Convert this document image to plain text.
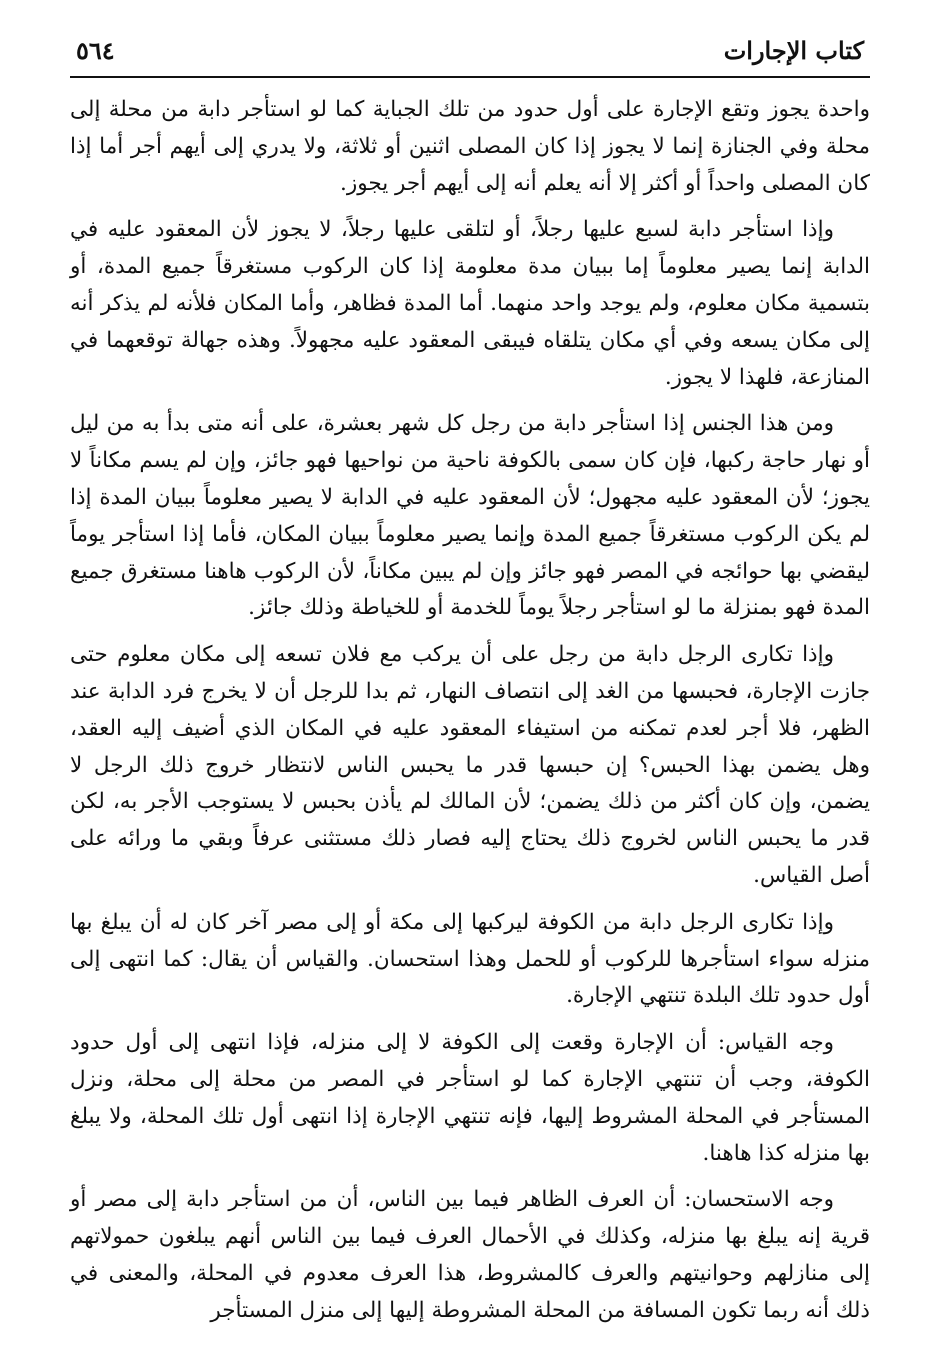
كتاب الإجارات
٥٦٤

واحدة يجوز وتقع الإجارة على أول حدود من تلك الجباية كما لو استأجر دابة من محلة إلى محلة وفي الجنازة إنما لا يجوز إذا كان المصلى اثنين أو ثلاثة، ولا يدري إلى أيهم أجر أما إذا كان المصلى واحداً أو أكثر إلا أنه يعلم أنه إلى أيهم أجر يجوز.

وإذا استأجر دابة لسبع عليها رجلاً، أو لتلقى عليها رجلاً، لا يجوز لأن المعقود عليه في الدابة إنما يصير معلوماً إما ببيان مدة معلومة إذا كان الركوب مستغرقاً جميع المدة، أو بتسمية مكان معلوم، ولم يوجد واحد منهما. أما المدة فظاهر، وأما المكان فلأنه لم يذكر أنه إلى مكان يسعه وفي أي مكان يتلقاه فيبقى المعقود عليه مجهولاً. وهذه جهالة توقعهما في المنازعة، فلهذا لا يجوز.

ومن هذا الجنس إذا استأجر دابة من رجل كل شهر بعشرة، على أنه متى بدأ به من ليل أو نهار حاجة ركبها، فإن كان سمى بالكوفة ناحية من نواحيها فهو جائز، وإن لم يسم مكاناً لا يجوز؛ لأن المعقود عليه مجهول؛ لأن المعقود عليه في الدابة لا يصير معلوماً ببيان المدة إذا لم يكن الركوب مستغرقاً جميع المدة وإنما يصير معلوماً ببيان المكان، فأما إذا استأجر يوماً ليقضي بها حوائجه في المصر فهو جائز وإن لم يبين مكاناً، لأن الركوب هاهنا مستغرق جميع المدة فهو بمنزلة ما لو استأجر رجلاً يوماً للخدمة أو للخياطة وذلك جائز.

وإذا تكارى الرجل دابة من رجل على أن يركب مع فلان تسعه إلى مكان معلوم حتى جازت الإجارة، فحبسها من الغد إلى انتصاف النهار، ثم بدا للرجل أن لا يخرج فرد الدابة عند الظهر، فلا أجر لعدم تمكنه من استيفاء المعقود عليه في المكان الذي أضيف إليه العقد، وهل يضمن بهذا الحبس؟ إن حبسها قدر ما يحبس الناس لانتظار خروج ذلك الرجل لا يضمن، وإن كان أكثر من ذلك يضمن؛ لأن المالك لم يأذن بحبس لا يستوجب الأجر به، لكن قدر ما يحبس الناس لخروج ذلك يحتاج إليه فصار ذلك مستثنى عرفاً وبقي ما ورائه على أصل القياس.

وإذا تكارى الرجل دابة من الكوفة ليركبها إلى مكة أو إلى مصر آخر كان له أن يبلغ بها منزله سواء استأجرها للركوب أو للحمل وهذا استحسان. والقياس أن يقال: كما انتهى إلى أول حدود تلك البلدة تنتهي الإجارة.

وجه القياس: أن الإجارة وقعت إلى الكوفة لا إلى منزله، فإذا انتهى إلى أول حدود الكوفة، وجب أن تنتهي الإجارة كما لو استأجر في المصر من محلة إلى محلة، ونزل المستأجر في المحلة المشروط إليها، فإنه تنتهي الإجارة إذا انتهى أول تلك المحلة، ولا يبلغ بها منزله كذا هاهنا.

وجه الاستحسان: أن العرف الظاهر فيما بين الناس، أن من استأجر دابة إلى مصر أو قرية إنه يبلغ بها منزله، وكذلك في الأحمال العرف فيما بين الناس أنهم يبلغون حمولاتهم إلى منازلهم وحوانيتهم والعرف كالمشروط، هذا العرف معدوم في المحلة، والمعنى في ذلك أنه ربما تكون المسافة من المحلة المشروطة إليها إلى منزل المستأجر
